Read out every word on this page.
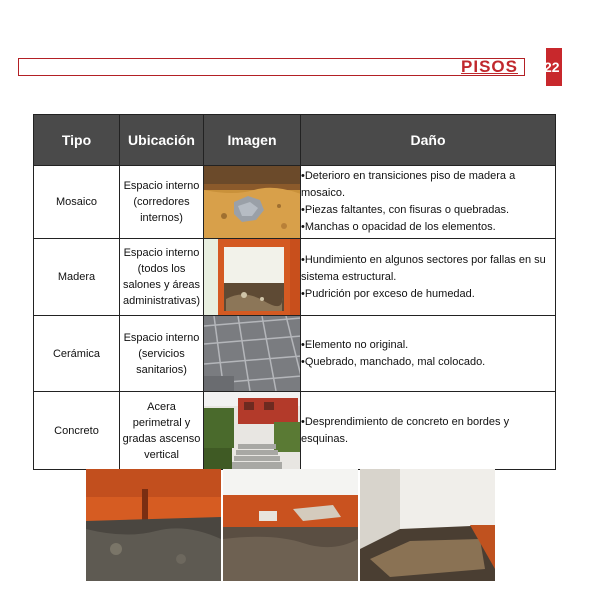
PISOS 22
Tipo	Ubicación	Imagen	Daño
Mosaico	Espacio interno
(corredores
internos)		•Deterioro en transiciones piso de madera a mosaico.
•Piezas faltantes, con fisuras o quebradas.
•Manchas o opacidad de los elementos.

Madera	Espacio interno
(todos los
salones y áreas
administrativas)		•Hundimiento en algunos sectores por fallas en su
sistema estructural.
•Pudrición por exceso de humedad.

Cerámica	Espacio interno
(servicios
sanitarios)		•Elemento no original.
•Quebrado, manchado, mal colocado.

Concreto	Acera
perimetral y
gradas ascenso
vertical		•Desprendimiento de concreto en bordes y esquinas.
